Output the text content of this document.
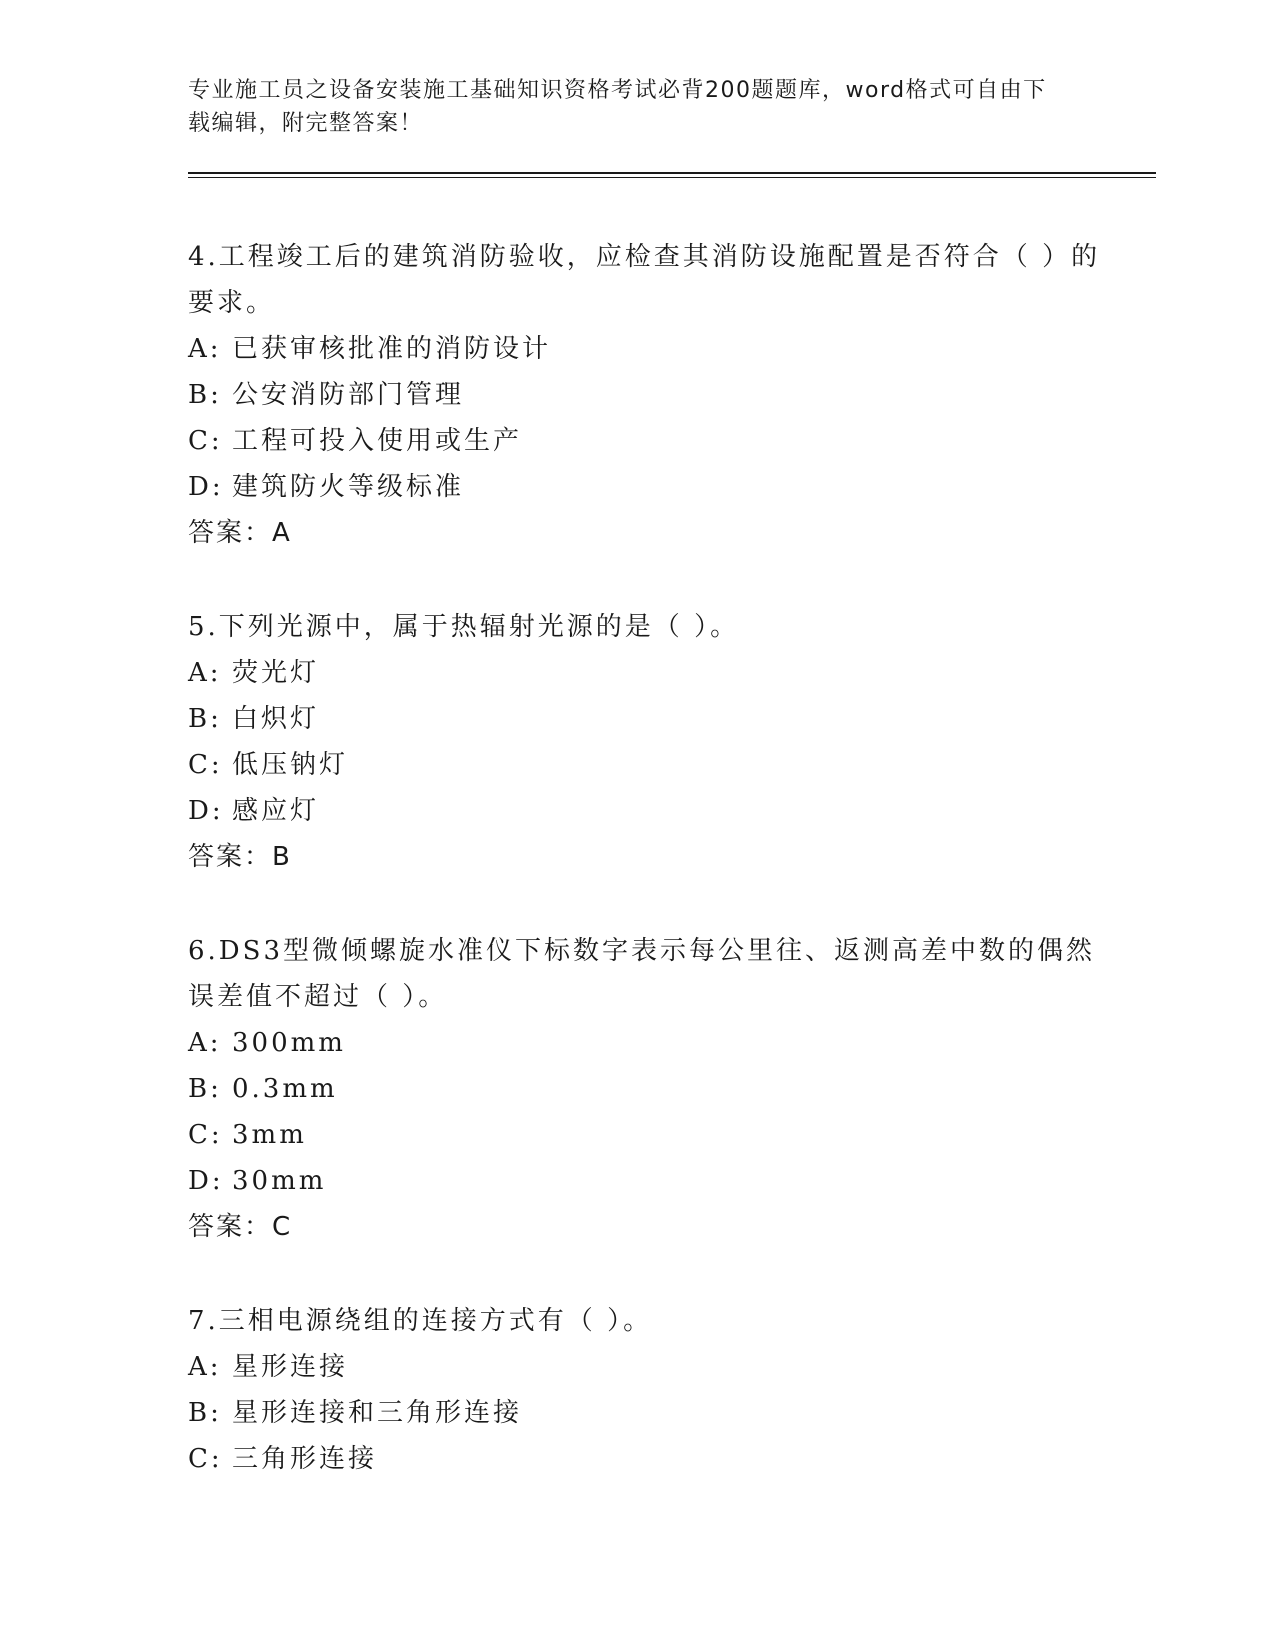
专业施工员之设备安装施工基础知识资格考试必背200题题库，word格式可自由下载编辑，附完整答案！

4.工程竣工后的建筑消防验收，应检查其消防设施配置是否符合（ ）的要求。

A: 已获审核批准的消防设计

B: 公安消防部门管理

C: 工程可投入使用或生产

D: 建筑防火等级标准

答案：A

5.下列光源中，属于热辐射光源的是（ ）。

A: 荧光灯

B: 白炽灯

C: 低压钠灯

D: 感应灯

答案：B

6.DS3型微倾螺旋水准仪下标数字表示每公里往、返测高差中数的偶然误差值不超过（ ）。

A: 300mm

B: 0.3mm

C: 3mm

D: 30mm

答案：C

7.三相电源绕组的连接方式有（ ）。

A: 星形连接

B: 星形连接和三角形连接

C: 三角形连接
